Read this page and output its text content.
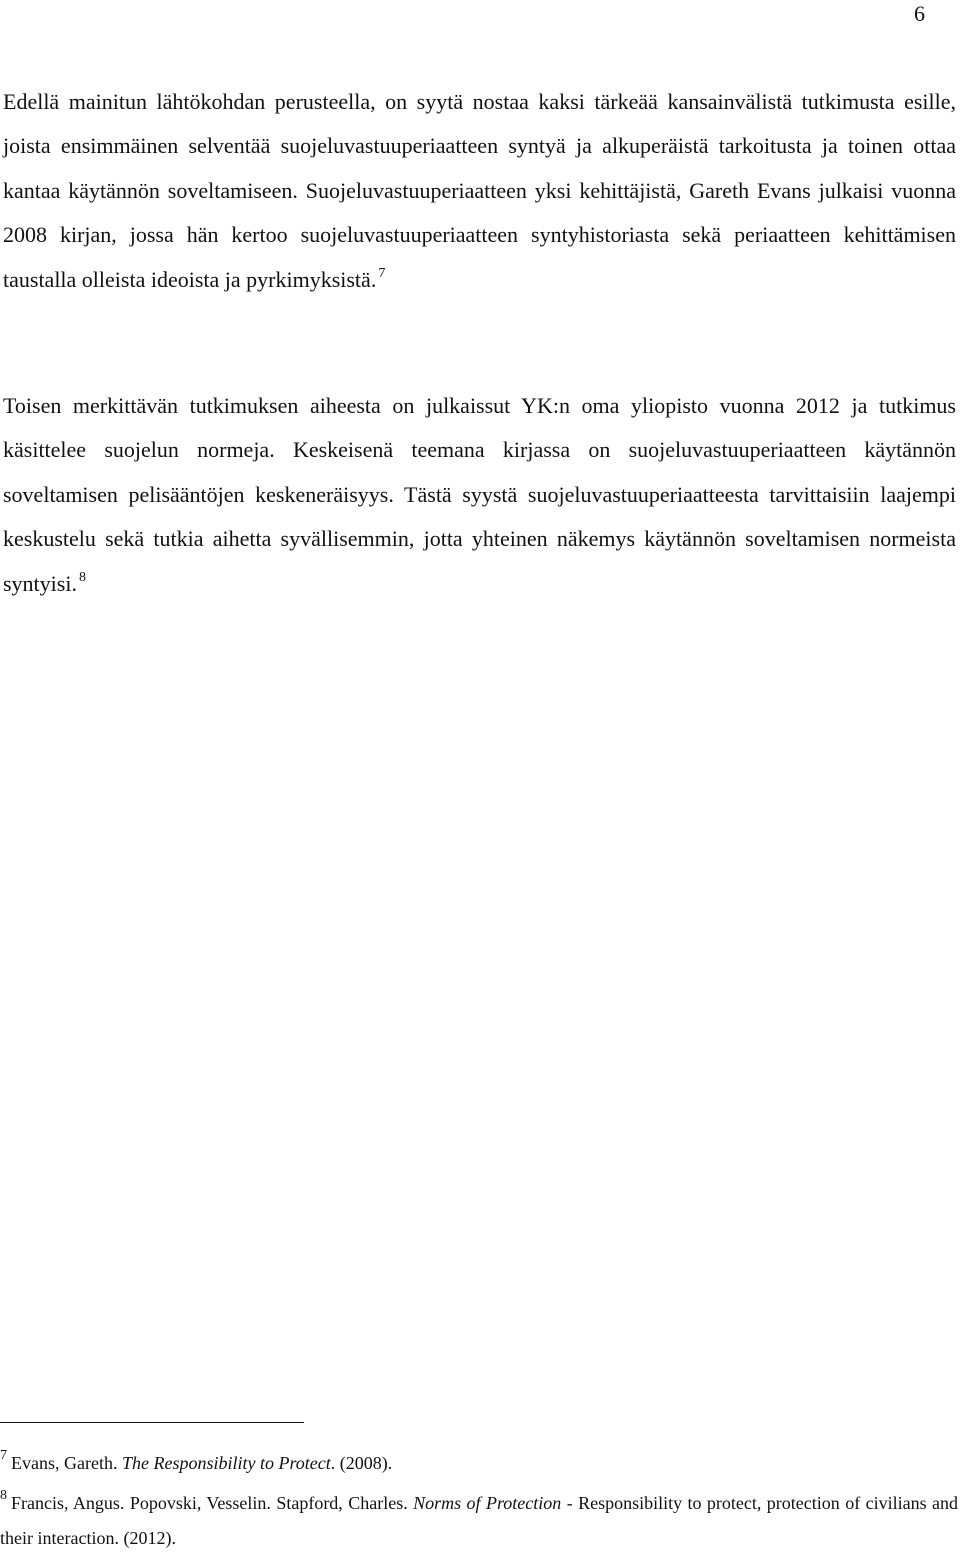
6

Edellä mainitun lähtökohdan perusteella, on syytä nostaa kaksi tärkeää kansainvälistä tutkimusta esille, joista ensimmäinen selventää suojeluvastuuperiaatteen syntyä ja alkuperäistä tarkoitusta ja toinen ottaa kantaa käytännön soveltamiseen. Suojeluvastuuperiaatteen yksi kehittäjistä, Gareth Evans julkaisi vuonna 2008 kirjan, jossa hän kertoo suojeluvastuuperiaatteen syntyhistoriasta sekä periaatteen kehittämisen taustalla olleista ideoista ja pyrkimyksistä. $^7$

Toisen merkittävän tutkimuksen aiheesta on julkaissut YK:n oma yliopisto vuonna 2012 ja tutkimus käsittelee suojelun normeja. Keskeisenä teemana kirjassa on suojeluvastuuperiaatteen käytännön soveltamisen pelisääntöjen keskeneräisyys. Tästä syystä suojeluvastuuperiaatteesta tarvittaisiin laajempi keskustelu sekä tutkia aihetta syvällisemmin, jotta yhteinen näkemys käytännön soveltamisen normeista syntyisi. $^8$

$^7$ Evans, Gareth. The Responsibility to Protect. (2008).

$^8$ Francis, Angus. Popovski, Vesselin. Stapford, Charles. Norms of Protection - Responsibility to protect, protection of civilians and their interaction. (2012).
